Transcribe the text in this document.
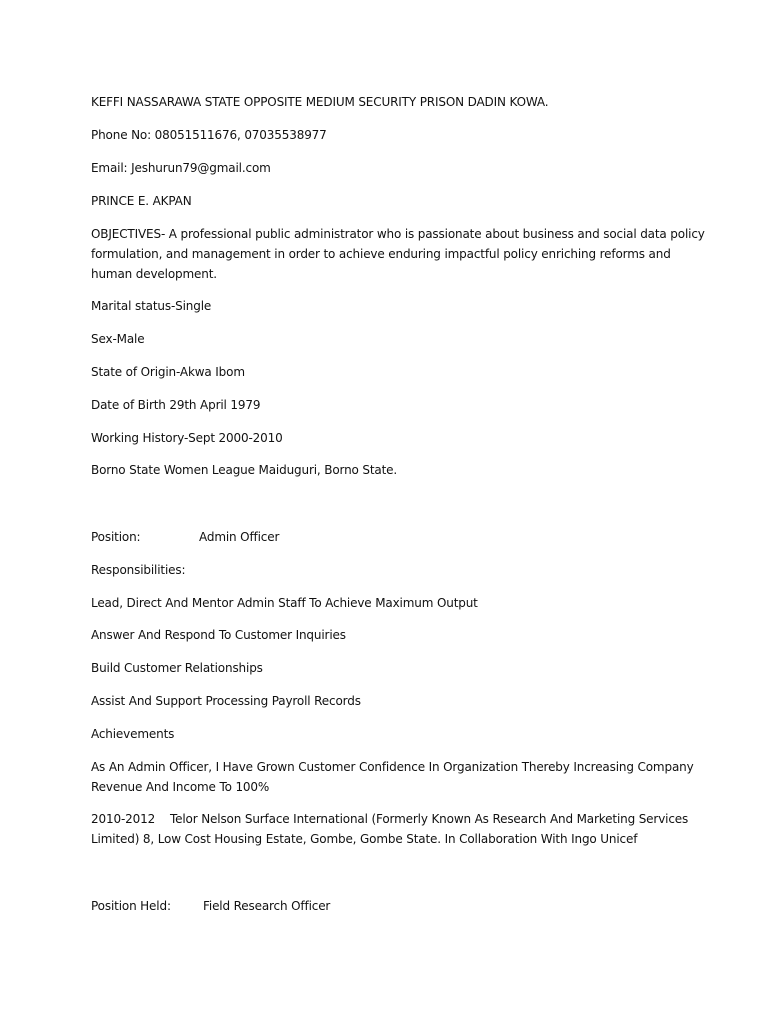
KEFFI NASSARAWA STATE OPPOSITE MEDIUM SECURITY PRISON DADIN KOWA.
Phone No: 08051511676, 07035538977
Email: Jeshurun79@gmail.com
PRINCE E. AKPAN
OBJECTIVES- A professional public administrator who is passionate about business and social data policy
formulation, and management in order to achieve enduring impactful policy enriching reforms and
human development.
Marital status-Single
Sex-Male
State of Origin-Akwa Ibom
Date of Birth 29th April 1979
Working History-Sept 2000-2010
Borno State Women League Maiduguri, Borno State.
Position:	Admin Officer
Responsibilities:
Lead, Direct And Mentor Admin Staff To Achieve Maximum Output
Answer And Respond To Customer Inquiries
Build Customer Relationships
Assist And Support Processing Payroll Records
Achievements
As An Admin Officer, I Have Grown Customer Confidence In Organization Thereby Increasing Company
Revenue And Income To 100%
2010-2012 Telor Nelson Surface International (Formerly Known As Research And Marketing Services
Limited) 8, Low Cost Housing Estate, Gombe, Gombe State. In Collaboration With Ingo Unicef
Position Held:	Field Research Officer
